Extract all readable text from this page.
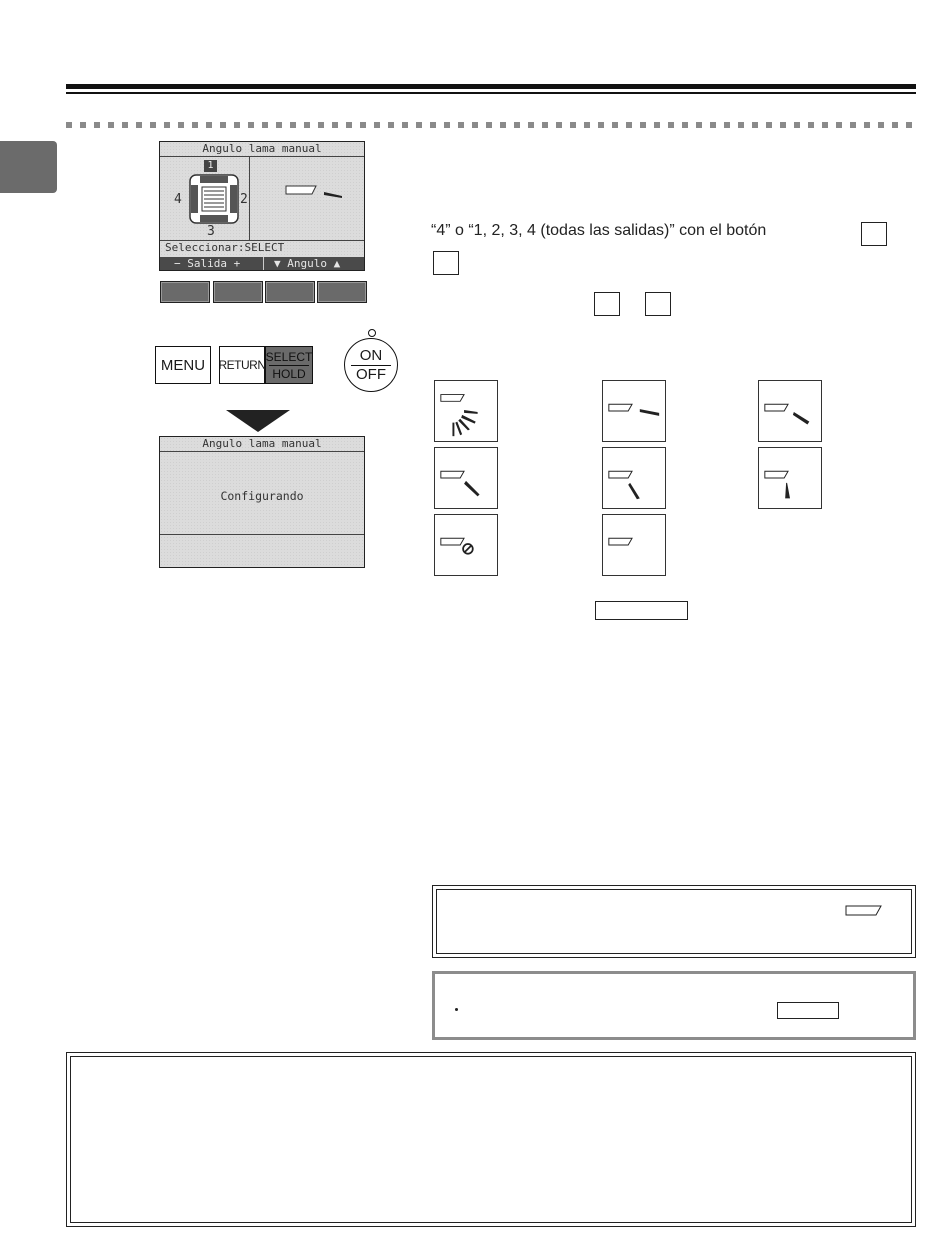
Angulo lama manual
1
2
3
4
Seleccionar:SELECT
− Salida +	▼ Angulo ▲
MENU	RETURN
SELECT
HOLD
ON
OFF
Angulo lama manual
Configurando
“4” o “1, 2, 3, 4 (todas las salidas)” con el botón
